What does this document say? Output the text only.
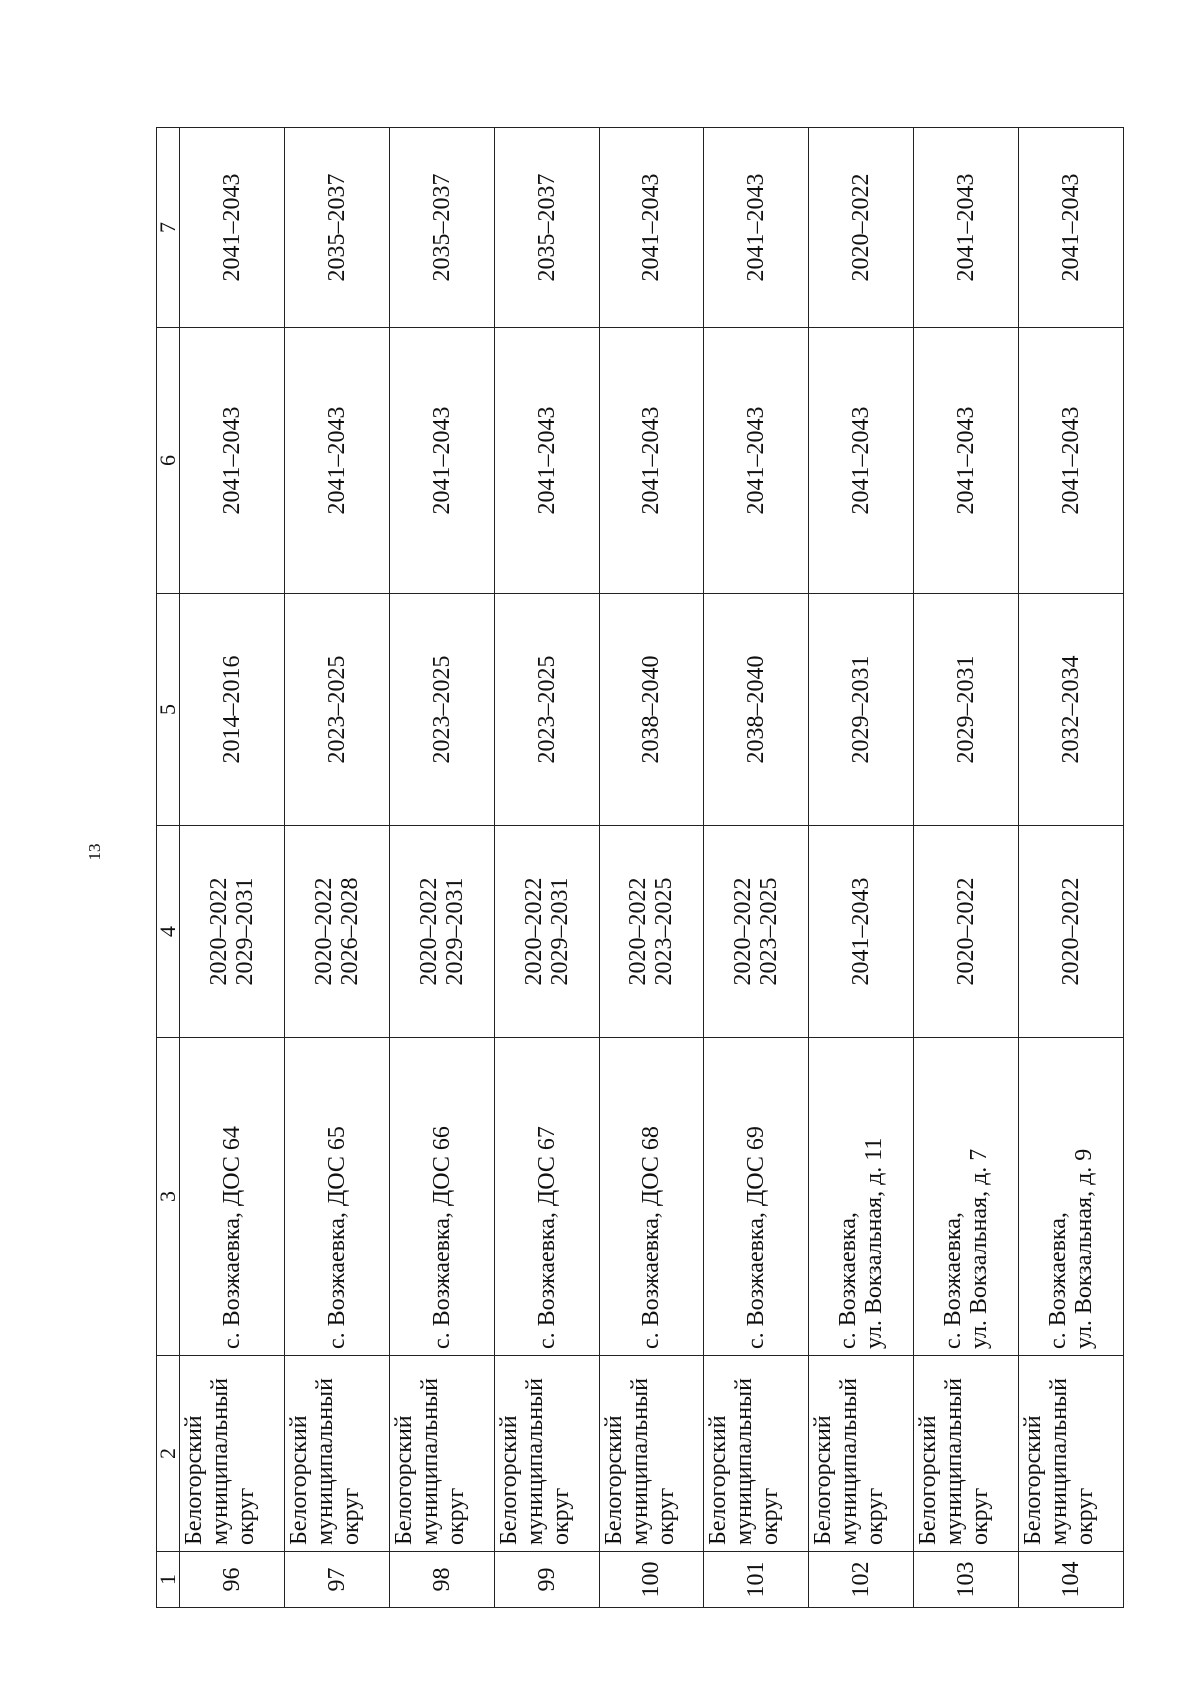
13
1	2	3	4	5	6	7

96	Белогорский муниципальный округ	с. Возжаевка, ДОС 64	2020–2022 2029–2031	2014–2016	2041–2043	2041–2043

97	Белогорский муниципальный округ	с. Возжаевка, ДОС 65	2020–2022 2026–2028	2023–2025	2041–2043	2035–2037

98	Белогорский муниципальный округ	с. Возжаевка, ДОС 66	2020–2022 2029–2031	2023–2025	2041–2043	2035–2037

99	Белогорский муниципальный округ	с. Возжаевка, ДОС 67	2020–2022 2029–2031	2023–2025	2041–2043	2035–2037

100	Белогорский муниципальный округ	с. Возжаевка, ДОС 68	2020–2022 2023–2025	2038–2040	2041–2043	2041–2043

101	Белогорский муниципальный округ	с. Возжаевка, ДОС 69	2020–2022 2023–2025	2038–2040	2041–2043	2041–2043

102	Белогорский муниципальный округ	с. Возжаевка, ул. Вокзальная, д. 11	2041–2043	2029–2031	2041–2043	2020–2022

103	Белогорский муниципальный округ	с. Возжаевка, ул. Вокзальная, д. 7	2020–2022	2029–2031	2041–2043	2041–2043

104	Белогорский муниципальный округ	с. Возжаевка, ул. Вокзальная, д. 9	2020–2022	2032–2034	2041–2043	2041–2043
